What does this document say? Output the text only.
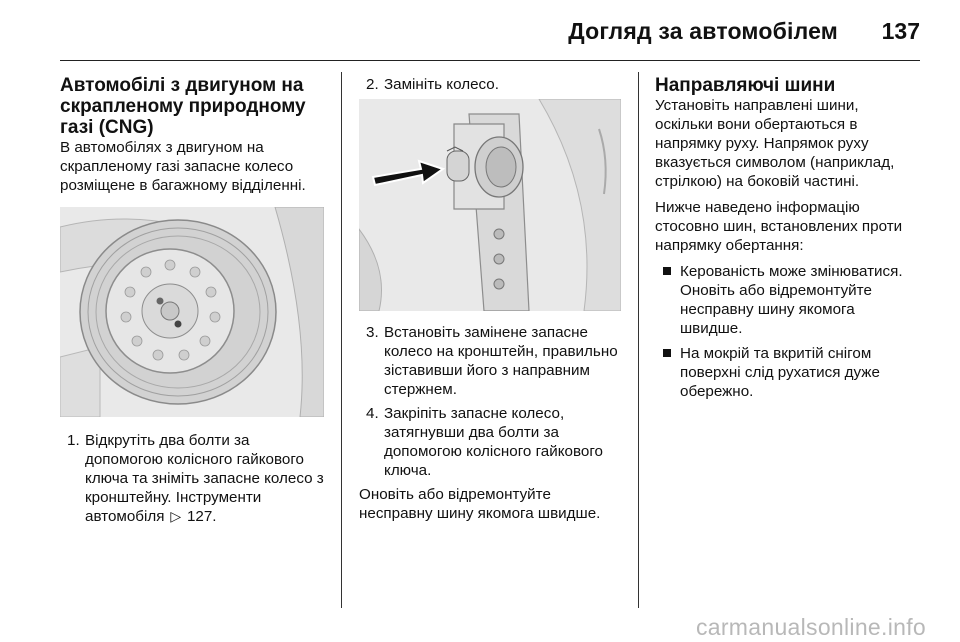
Догляд за автомобілем 137
Автомобілі з двигуном на скрапленому природному газі (CNG)

В автомобілях з двигуном на скрапленому газі запасне колесо розміщене в багажному відділенні.

1. Відкрутіть два болти за допомогою колісного гайкового ключа та зніміть запасне колесо з кронштейну. Інструменти автомобіля ▷ 127.
2. Замініть колесо.
3. Встановіть замінене запасне колесо на кронштейн, правильно зіставивши його з направним стержнем.
4. Закріпіть запасне колесо, затягнувши два болти за допомогою колісного гайкового ключа.

Оновіть або відремонтуйте несправну шину якомога швидше.

Направляючі шини

Установіть направлені шини, оскільки вони обертаються в напрямку руху. Напрямок руху вказується символом (наприклад, стрілкою) на боковій частині.

Нижче наведено інформацію стосовно шин, встановлених проти напрямку обертання:

Керованість може змінюватися. Оновіть або відремонтуйте несправну шину якомога швидше.
На мокрій та вкритій снігом поверхні слід рухатися дуже обережно.
carmanualsonline.info
